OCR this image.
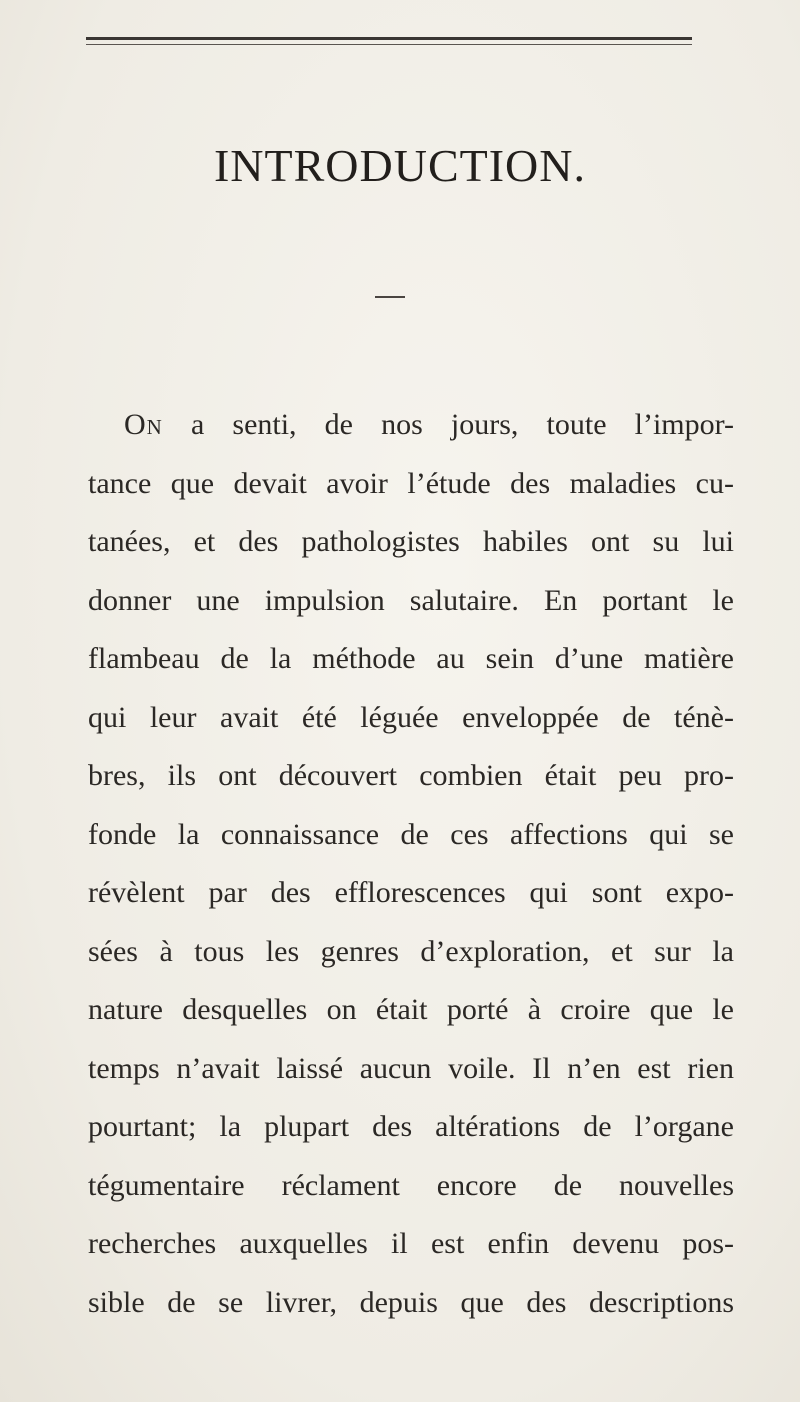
INTRODUCTION.
On a senti, de nos jours, toute l’impor-
tance que devait avoir l’étude des maladies cu-
tanées, et des pathologistes habiles ont su lui
donner une impulsion salutaire. En portant le
flambeau de la méthode au sein d’une matière
qui leur avait été léguée enveloppée de ténè-
bres, ils ont découvert combien était peu pro-
fonde la connaissance de ces affections qui se
révèlent par des efflorescences qui sont expo-
sées à tous les genres d’exploration, et sur la
nature desquelles on était porté à croire que le
temps n’avait laissé aucun voile. Il n’en est rien
pourtant; la plupart des altérations de l’organe
tégumentaire réclament encore de nouvelles
recherches auxquelles il est enfin devenu pos-
sible de se livrer, depuis que des descriptions
